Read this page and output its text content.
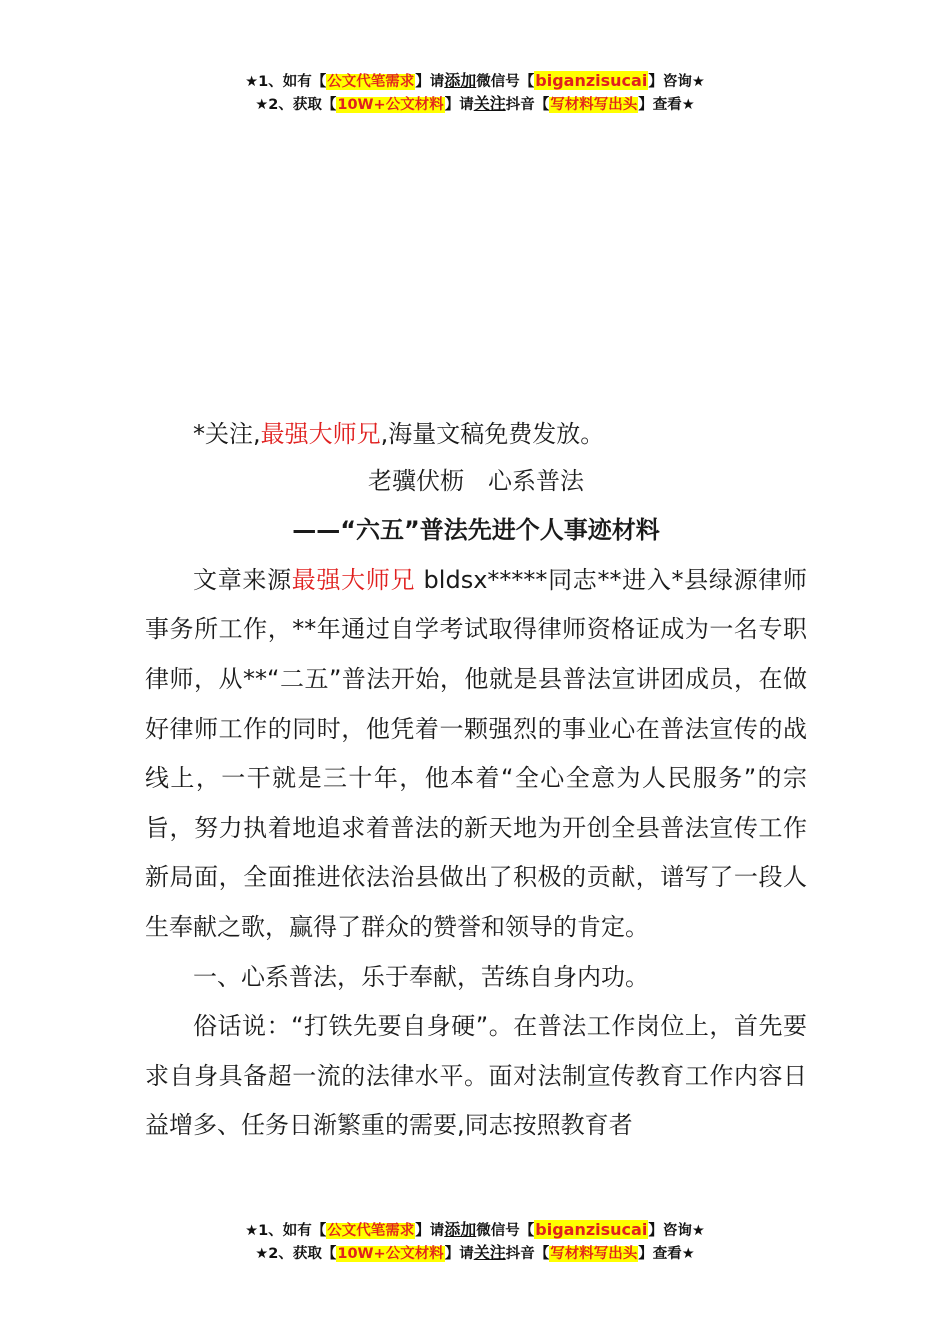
★1、如有【公文代笔需求】请添加微信号【biganzisucai】咨询★
★2、获取【10W+公文材料】请关注抖音【写材料写出头】查看★

*关注,最强大师兄,海量文稿免费发放。

老骥伏枥　心系普法

——“六五”普法先进个人事迹材料

文章来源最强大师兄 bldsx*****同志**进入*县绿源律师事务所工作，**年通过自学考试取得律师资格证成为一名专职律师，从**“二五”普法开始，他就是县普法宣讲团成员，在做好律师工作的同时，他凭着一颗强烈的事业心在普法宣传的战线上，一干就是三十年，他本着“全心全意为人民服务”的宗旨，努力执着地追求着普法的新天地为开创全县普法宣传工作新局面，全面推进依法治县做出了积极的贡献，谱写了一段人生奉献之歌，赢得了群众的赞誉和领导的肯定。

一、心系普法，乐于奉献，苦练自身内功。

俗话说：“打铁先要自身硬”。在普法工作岗位上，首先要求自身具备超一流的法律水平。面对法制宣传教育工作内容日益增多、任务日渐繁重的需要,同志按照教育者

★1、如有【公文代笔需求】请添加微信号【biganzisucai】咨询★
★2、获取【10W+公文材料】请关注抖音【写材料写出头】查看★
